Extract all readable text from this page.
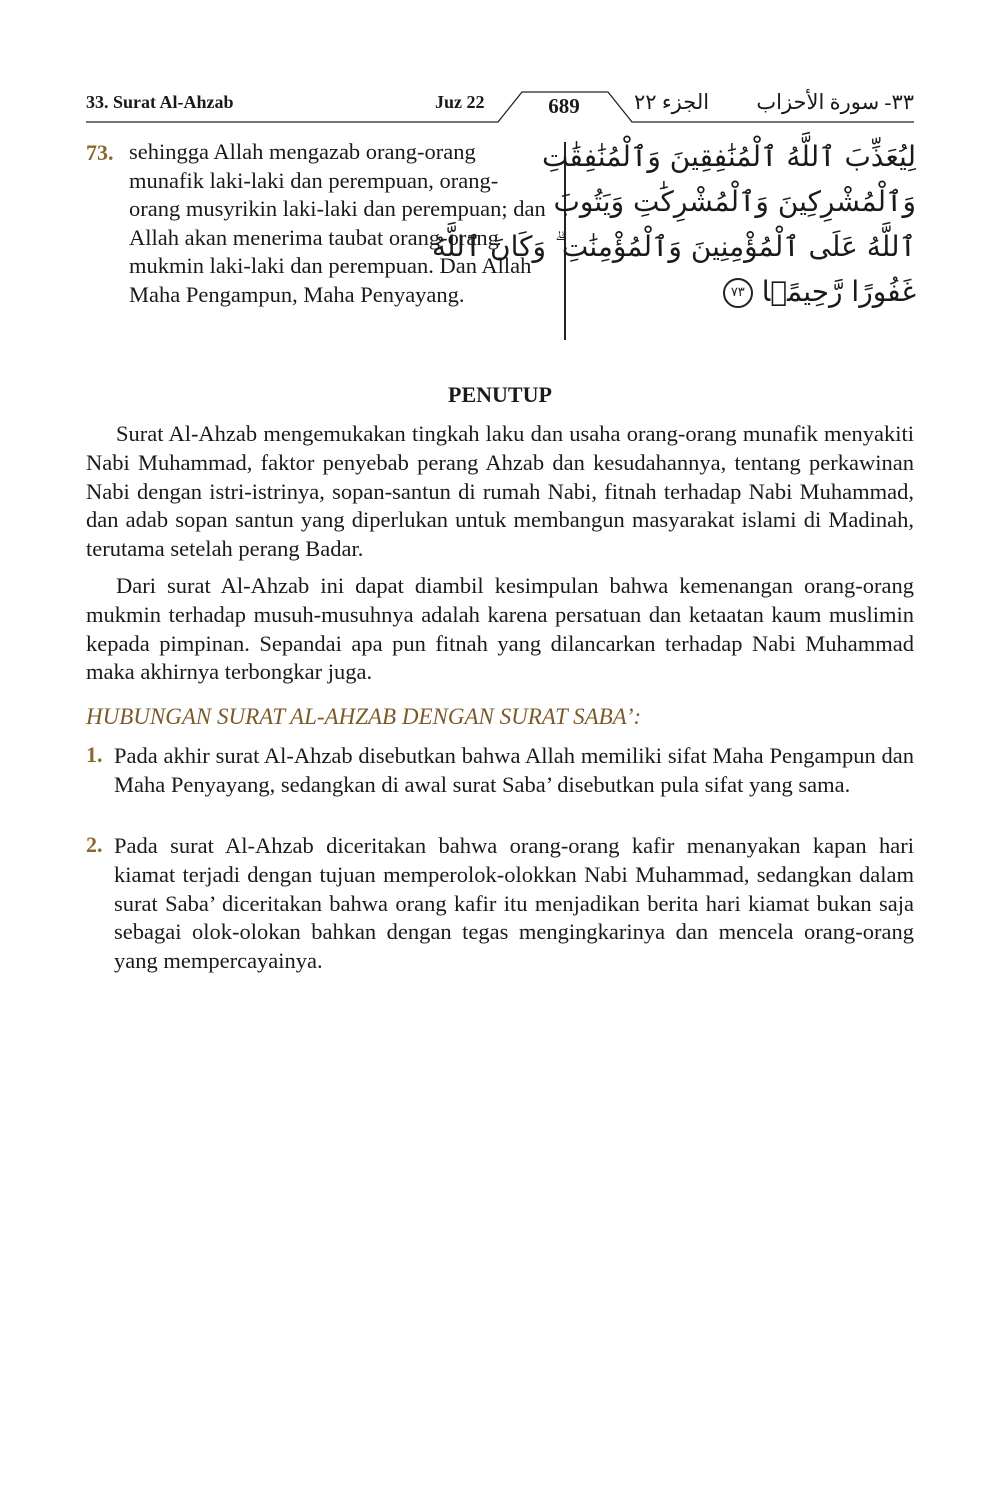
33. Surat Al-Ahzab	Juz 22	689	الجزء ٢٢ ٣٣- سورة الأحزاب
73. sehingga Allah mengazab orang-orang munafik laki-laki dan perempuan, orang-orang musyrikin laki-laki dan perempuan; dan Allah akan menerima taubat orang-orang mukmin laki-laki dan perempuan. Dan Allah Maha Pengampun, Maha Penyayang.

لِيُعَذِّبَ ٱللَّهُ ٱلْمُنَٰفِقِينَ وَٱلْمُنَٰفِقَٰتِ
وَٱلْمُشْرِكِينَ وَٱلْمُشْرِكَٰتِ وَيَتُوبَ
ٱللَّهُ عَلَى ٱلْمُؤْمِنِينَ وَٱلْمُؤْمِنَٰتِ ۗ وَكَانَ ٱللَّهُ
غَفُورًا رَّحِيمًۢا ٧٣
PENUTUP

Surat Al-Ahzab mengemukakan tingkah laku dan usaha orang-orang munafik menyakiti Nabi Muhammad, faktor penyebab perang Ahzab dan kesudahannya, tentang perkawinan Nabi dengan istri-istrinya, sopan-santun di rumah Nabi, fitnah terhadap Nabi Muhammad, dan adab sopan santun yang diperlukan untuk membangun masyarakat islami di Madinah, terutama setelah perang Badar.

Dari surat Al-Ahzab ini dapat diambil kesimpulan bahwa kemenangan orang-orang mukmin terhadap musuh-musuhnya adalah karena persatuan dan ketaatan kaum muslimin kepada pimpinan. Sepandai apa pun fitnah yang dilancarkan terhadap Nabi Muhammad maka akhirnya terbongkar juga.

HUBUNGAN SURAT AL-AHZAB DENGAN SURAT SABA’:
1. Pada akhir surat Al-Ahzab disebutkan bahwa Allah memiliki sifat Maha Pengampun dan Maha Penyayang, sedangkan di awal surat Saba’ disebutkan pula sifat yang sama.

2. Pada surat Al-Ahzab diceritakan bahwa orang-orang kafir menanyakan kapan hari kiamat terjadi dengan tujuan memperolok-olokkan Nabi Muhammad, sedangkan dalam surat Saba’ diceritakan bahwa orang kafir itu menjadikan berita hari kiamat bukan saja sebagai olok-olokan bahkan dengan tegas mengingkarinya dan mencela orang-orang yang mempercayainya.
